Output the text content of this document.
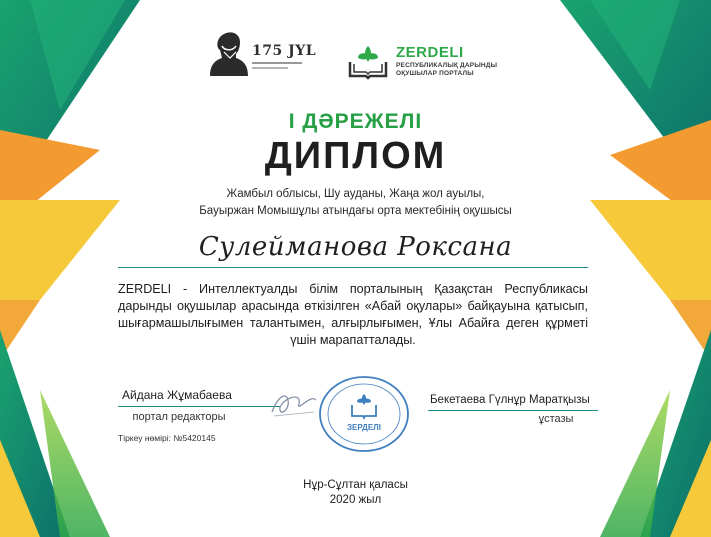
175 JYL	ZERDELI
РЕСПУБЛИКАЛЫҚ ДАРЫНДЫ
ОҚУШЫЛАР ПОРТАЛЫ
І ДӘРЕЖЕЛІ
ДИПЛОМ
Жамбыл облысы, Шу ауданы, Жаңа жол ауылы,
Бауыржан Момышұлы атындағы орта мектебінің оқушысы
Сулейманова Роксана
ZERDELI - Интеллектуалды білім порталының Қазақстан Республикасы дарынды оқушылар арасында өткізілген «Абай оқулары» байқауына қатысып, шығармашылығымен талантымен, алғырлығымен, Ұлы Абайға деген құрметі үшін марапатталады.
Айдана Жұмабаева
портал редакторы
Тіркеу нөмірі: №5420145
ЗЕРДЕЛІ
Бекетаева Гүлнұр Маратқызы
ұстазы
Нұр-Сұлтан қаласы
2020 жыл
